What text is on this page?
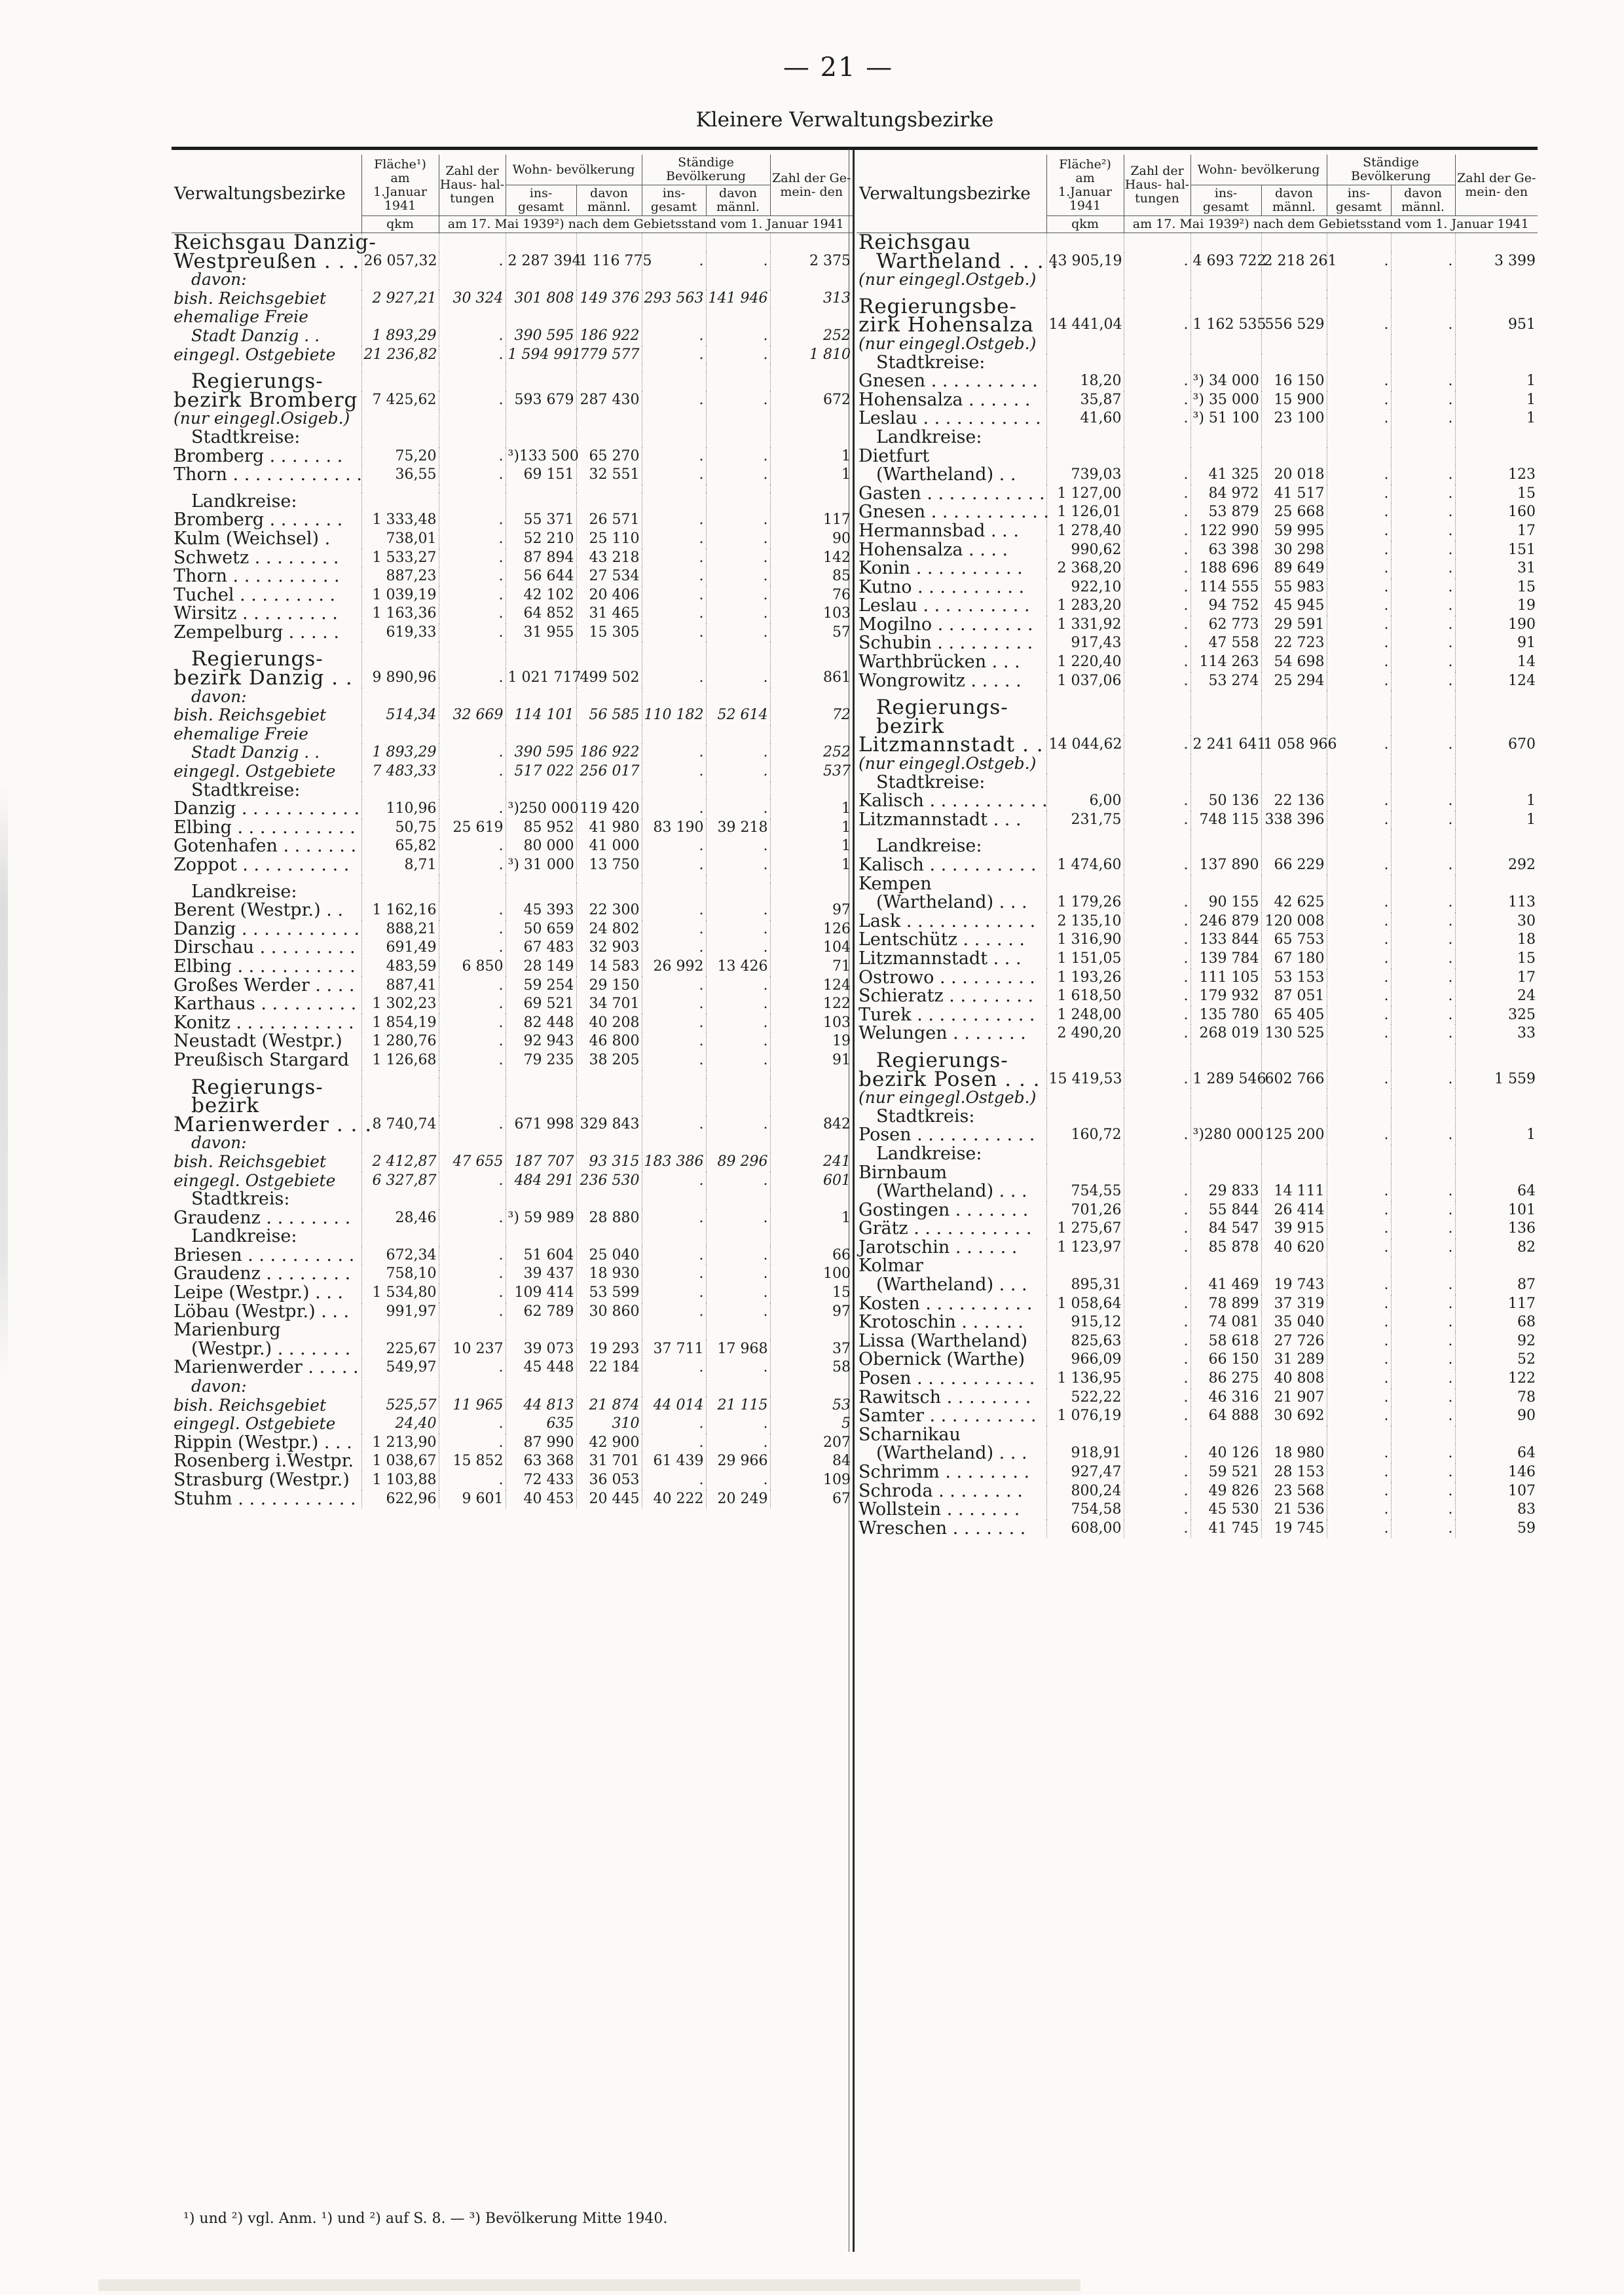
— 21 —
Kleinere Verwaltungsbezirke
Verwaltungsbezirke	Fläche¹) am 1.Januar 1941	Zahl der Haus- hal- tungen	Wohn- bevölkerung		Ständige Bevölkerung		Zahl der Ge- mein- den
			ins- gesamt	davon männl.	ins- gesamt	davon männl.	
	qkm	am 17. Mai 1939²) nach dem Gebietsstand vom 1. Januar 1941					
Reichsgau Danzig-							
Westpreußen . . .	26 057,32	.	2 287 394	1 116 775	.	.	2 375
davon:							
bish. Reichsgebiet	2 927,21	30 324	301 808	149 376	293 563	141 946	313
ehemalige Freie							
Stadt Danzig . .	1 893,29	.	390 595	186 922	.	.	252
eingegl. Ostgebiete	21 236,82	.	1 594 991	779 577	.	.	1 810

Regierungs-							
bezirk Bromberg	7 425,62	.	593 679	287 430	.	.	672
(nur eingegl.Osigeb.)							
Stadtkreise:							
Bromberg . . . . . . .	75,20	.	³)133 500	65 270	.	.	1
Thorn . . . . . . . . . . . .	36,55	.	69 151	32 551	.	.	1

Landkreise:							
Bromberg . . . . . . .	1 333,48	.	55 371	26 571	.	.	117
Kulm (Weichsel) .	738,01	.	52 210	25 110	.	.	90
Schwetz . . . . . . . .	1 533,27	.	87 894	43 218	.	.	142
Thorn . . . . . . . . . .	887,23	.	56 644	27 534	.	.	85
Tuchel . . . . . . . . .	1 039,19	.	42 102	20 406	.	.	76
Wirsitz . . . . . . . . .	1 163,36	.	64 852	31 465	.	.	103
Zempelburg . . . . .	619,33	.	31 955	15 305	.	.	57

Regierungs-							
bezirk Danzig . .	9 890,96	.	1 021 717	499 502	.	.	861
davon:							
bish. Reichsgebiet	514,34	32 669	114 101	56 585	110 182	52 614	72
ehemalige Freie							
Stadt Danzig . .	1 893,29	.	390 595	186 922	.	.	252
eingegl. Ostgebiete	7 483,33	.	517 022	256 017	.	.	537
Stadtkreise:							
Danzig . . . . . . . . . . .	110,96	.	³)250 000	119 420	.	.	1
Elbing . . . . . . . . . . .	50,75	25 619	85 952	41 980	83 190	39 218	1
Gotenhafen . . . . . . .	65,82	.	80 000	41 000	.	.	1
Zoppot . . . . . . . . . .	8,71	.	³) 31 000	13 750	.	.	1

Landkreise:							
Berent (Westpr.) . .	1 162,16	.	45 393	22 300	.	.	97
Danzig . . . . . . . . . . .	888,21	.	50 659	24 802	.	.	126
Dirschau . . . . . . . . .	691,49	.	67 483	32 903	.	.	104
Elbing . . . . . . . . . . .	483,59	6 850	28 149	14 583	26 992	13 426	71
Großes Werder . . . .	887,41	.	59 254	29 150	.	.	124
Karthaus . . . . . . . . .	1 302,23	.	69 521	34 701	.	.	122
Konitz . . . . . . . . . . .	1 854,19	.	82 448	40 208	.	.	103
Neustadt (Westpr.)	1 280,76	.	92 943	46 800	.	.	19
Preußisch Stargard	1 126,68	.	79 235	38 205	.	.	91

Regierungs-							
bezirk							
Marienwerder . . .	8 740,74	.	671 998	329 843	.	.	842
davon:							
bish. Reichsgebiet	2 412,87	47 655	187 707	93 315	183 386	89 296	241
eingegl. Ostgebiete	6 327,87	.	484 291	236 530	.	.	601
Stadtkreis:							
Graudenz . . . . . . . .	28,46	.	³) 59 989	28 880	.	.	1
Landkreise:							
Briesen . . . . . . . . . .	672,34	.	51 604	25 040	.	.	66
Graudenz . . . . . . . .	758,10	.	39 437	18 930	.	.	100
Leipe (Westpr.) . . .	1 534,80	.	109 414	53 599	.	.	15
Löbau (Westpr.) . . .	991,97	.	62 789	30 860	.	.	97
Marienburg							
(Westpr.) . . . . . . .	225,67	10 237	39 073	19 293	37 711	17 968	37
Marienwerder . . . . .	549,97	.	45 448	22 184	.	.	58
davon:							
bish. Reichsgebiet	525,57	11 965	44 813	21 874	44 014	21 115	53
eingegl. Ostgebiete	24,40	.	635	310	.	.	5
Rippin (Westpr.) . . .	1 213,90	.	87 990	42 900	.	.	207
Rosenberg i.Westpr.	1 038,67	15 852	63 368	31 701	61 439	29 966	84
Strasburg (Westpr.)	1 103,88	.	72 433	36 053	.	.	109
Stuhm . . . . . . . . . . .	622,96	9 601	40 453	20 445	40 222	20 249	67
Verwaltungsbezirke	Fläche²) am 1.Januar 1941	Zahl der Haus- hal- tungen	Wohn- bevölkerung		Ständige Bevölkerung		Zahl der Ge- mein- den
			ins- gesamt	davon männl.	ins- gesamt	davon männl.	
	qkm	am 17. Mai 1939²) nach dem Gebietsstand vom 1. Januar 1941					
Reichsgau							
Wartheland . . . .	43 905,19	.	4 693 722	2 218 261	.	.	3 399
(nur eingegl.Ostgeb.)							

Regierungsbe-							
zirk Hohensalza	14 441,04	.	1 162 535	556 529	.	.	951
(nur eingegl.Ostgeb.)							
Stadtkreise:							
Gnesen . . . . . . . . . .	18,20	.	³) 34 000	16 150	.	.	1
Hohensalza . . . . . .	35,87	.	³) 35 000	15 900	.	.	1
Leslau . . . . . . . . . . .	41,60	.	³) 51 100	23 100	.	.	1
Landkreise:							
Dietfurt							
(Wartheland) . .	739,03	.	41 325	20 018	.	.	123
Gasten . . . . . . . . . . .	1 127,00	.	84 972	41 517	.	.	15
Gnesen . . . . . . . . . . .	1 126,01	.	53 879	25 668	.	.	160
Hermannsbad . . .	1 278,40	.	122 990	59 995	.	.	17
Hohensalza . . . .	990,62	.	63 398	30 298	.	.	151
Konin . . . . . . . . . .	2 368,20	.	188 696	89 649	.	.	31
Kutno . . . . . . . . . .	922,10	.	114 555	55 983	.	.	15
Leslau . . . . . . . . . .	1 283,20	.	94 752	45 945	.	.	19
Mogilno . . . . . . . . .	1 331,92	.	62 773	29 591	.	.	190
Schubin . . . . . . . . .	917,43	.	47 558	22 723	.	.	91
Warthbrücken . . .	1 220,40	.	114 263	54 698	.	.	14
Wongrowitz . . . . .	1 037,06	.	53 274	25 294	.	.	124

Regierungs-							
bezirk							
Litzmannstadt . .	14 044,62	.	2 241 641	1 058 966	.	.	670
(nur eingegl.Ostgeb.)							
Stadtkreise:							
Kalisch . . . . . . . . . . .	6,00	.	50 136	22 136	.	.	1
Litzmannstadt . . .	231,75	.	748 115	338 396	.	.	1

Landkreise:							
Kalisch . . . . . . . . . .	1 474,60	.	137 890	66 229	.	.	292
Kempen							
(Wartheland) . . .	1 179,26	.	90 155	42 625	.	.	113
Lask . . . . . . . . . . . .	2 135,10	.	246 879	120 008	.	.	30
Lentschütz . . . . . .	1 316,90	.	133 844	65 753	.	.	18
Litzmannstadt . . .	1 151,05	.	139 784	67 180	.	.	15
Ostrowo . . . . . . . . .	1 193,26	.	111 105	53 153	.	.	17
Schieratz . . . . . . . .	1 618,50	.	179 932	87 051	.	.	24
Turek . . . . . . . . . . .	1 248,00	.	135 780	65 405	.	.	325
Welungen . . . . . . .	2 490,20	.	268 019	130 525	.	.	33

Regierungs-							
bezirk Posen . . .	15 419,53	.	1 289 546	602 766	.	.	1 559
(nur eingegl.Ostgeb.)							
Stadtkreis:							
Posen . . . . . . . . . . .	160,72	.	³)280 000	125 200	.	.	1
Landkreise:							
Birnbaum							
(Wartheland) . . .	754,55	.	29 833	14 111	.	.	64
Gostingen . . . . . . .	701,26	.	55 844	26 414	.	.	101
Grätz . . . . . . . . . . .	1 275,67	.	84 547	39 915	.	.	136
Jarotschin . . . . . .	1 123,97	.	85 878	40 620	.	.	82
Kolmar							
(Wartheland) . . .	895,31	.	41 469	19 743	.	.	87
Kosten . . . . . . . . . .	1 058,64	.	78 899	37 319	.	.	117
Krotoschin . . . . . .	915,12	.	74 081	35 040	.	.	68
Lissa (Wartheland)	825,63	.	58 618	27 726	.	.	92
Obernick (Warthe)	966,09	.	66 150	31 289	.	.	52
Posen . . . . . . . . . . .	1 136,95	.	86 275	40 808	.	.	122
Rawitsch . . . . . . . .	522,22	.	46 316	21 907	.	.	78
Samter . . . . . . . . . .	1 076,19	.	64 888	30 692	.	.	90
Scharnikau							
(Wartheland) . . .	918,91	.	40 126	18 980	.	.	64
Schrimm . . . . . . . .	927,47	.	59 521	28 153	.	.	146
Schroda . . . . . . . .	800,24	.	49 826	23 568	.	.	107
Wollstein . . . . . . .	754,58	.	45 530	21 536	.	.	83
Wreschen . . . . . . .	608,00	.	41 745	19 745	.	.	59
¹) und ²) vgl. Anm. ¹) und ²) auf S. 8. — ³) Bevölkerung Mitte 1940.
